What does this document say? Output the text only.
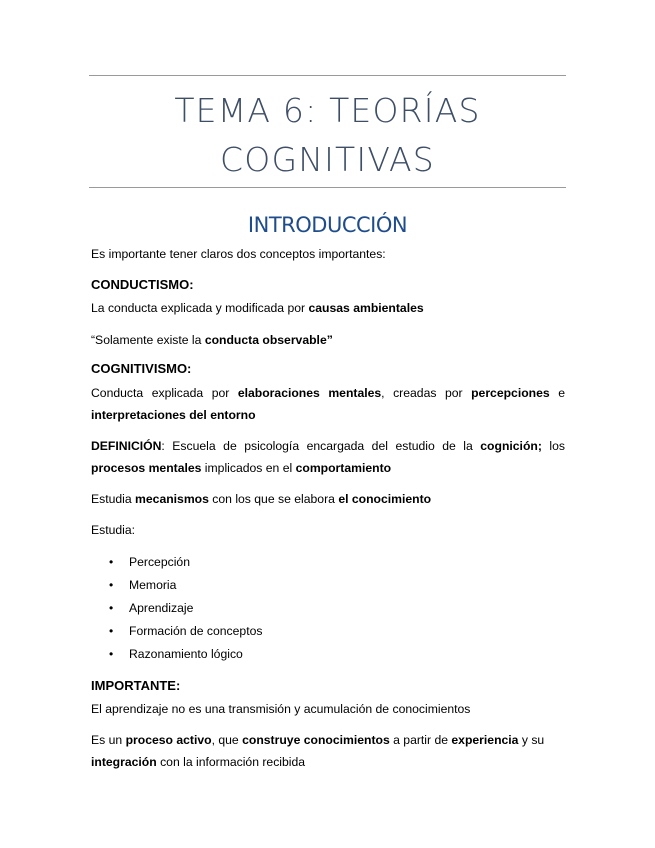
TEMA 6: TEORÍAS
COGNITIVAS
INTRODUCCIÓN

Es importante tener claros dos conceptos importantes:

CONDUCTISMO:

La conducta explicada y modificada por causas ambientales

“Solamente existe la conducta observable”

COGNITIVISMO:

Conducta explicada por elaboraciones mentales, creadas por percepciones e interpretaciones del entorno

DEFINICIÓN: Escuela de psicología encargada del estudio de la cognición; los procesos mentales implicados en el comportamiento

Estudia mecanismos con los que se elabora el conocimiento

Estudia:

• Percepción
• Memoria
• Aprendizaje
• Formación de conceptos
• Razonamiento lógico
IMPORTANTE:

El aprendizaje no es una transmisión y acumulación de conocimientos

Es un proceso activo, que construye conocimientos a partir de experiencia y su integración con la información recibida
